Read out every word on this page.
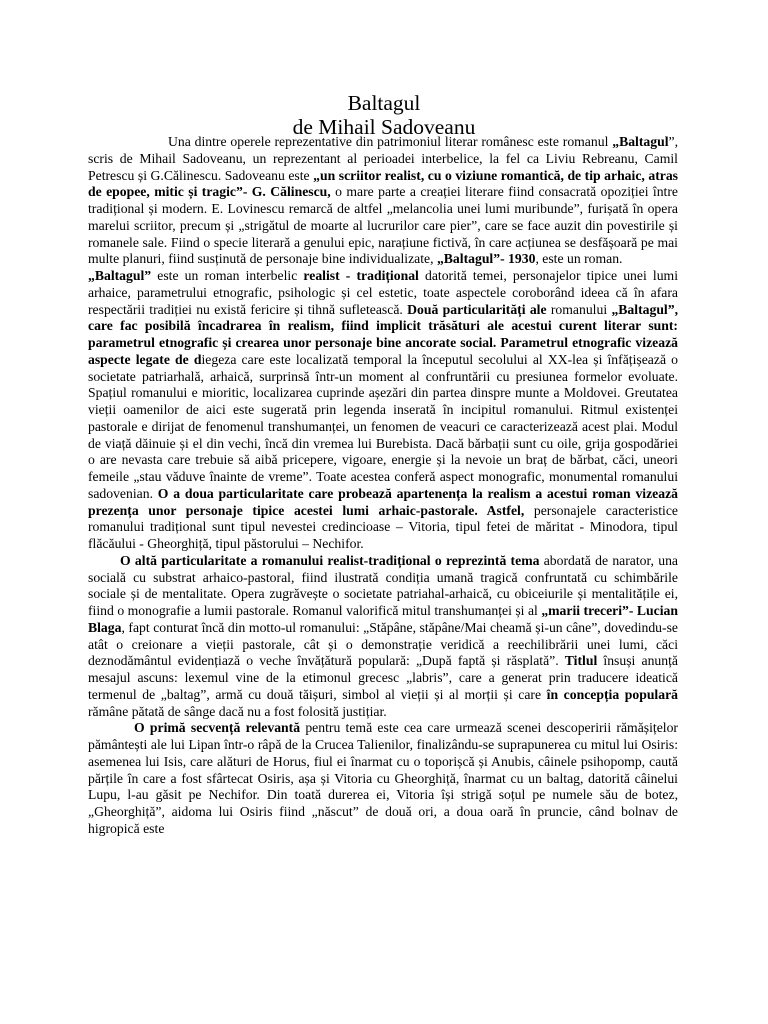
Baltagul
de Mihail Sadoveanu

Una dintre operele reprezentative din patrimoniul literar românesc este romanul „Baltagul”, scris de Mihail Sadoveanu, un reprezentant al perioadei interbelice, la fel ca Liviu Rebreanu, Camil Petrescu și G.Călinescu. Sadoveanu este „un scriitor realist, cu o viziune romantică, de tip arhaic, atras de epopee, mitic și tragic”- G. Călinescu, o mare parte a creației literare fiind consacrată opoziției între tradițional și modern. E. Lovinescu remarcă de altfel „melancolia unei lumi muribunde”, furișată în opera marelui scriitor, precum și „strigătul de moarte al lucrurilor care pier”, care se face auzit din povestirile și romanele sale. Fiind o specie literară a genului epic, narațiune fictivă, în care acțiunea se desfășoară pe mai multe planuri, fiind susținută de personaje bine individualizate, „Baltagul”- 1930, este un roman.

„Baltagul” este un roman interbelic realist - tradițional datorită temei, personajelor tipice unei lumi arhaice, parametrului etnografic, psihologic și cel estetic, toate aspectele coroborând ideea că în afara respectării tradiției nu există fericire și tihnă sufletească. Două particularități ale romanului „Baltagul”, care fac posibilă încadrarea în realism, fiind implicit trăsături ale acestui curent literar sunt: parametrul etnografic și crearea unor personaje bine ancorate social. Parametrul etnografic vizează aspecte legate de diegeza care este localizată temporal la începutul secolului al XX-lea și înfățișează o societate patriarhală, arhaică, surprinsă într-un moment al confruntării cu presiunea formelor evoluate. Spațiul romanului e mioritic, localizarea cuprinde așezări din partea dinspre munte a Moldovei. Greutatea vieții oamenilor de aici este sugerată prin legenda inserată în incipitul romanului. Ritmul existenței pastorale e dirijat de fenomenul transhumanței, un fenomen de veacuri ce caracterizează acest plai. Modul de viață dăinuie și el din vechi, încă din vremea lui Burebista. Dacă bărbații sunt cu oile, grija gospodăriei o are nevasta care trebuie să aibă pricepere, vigoare, energie și la nevoie un braț de bărbat, căci, uneori femeile „stau văduve înainte de vreme”. Toate acestea conferă aspect monografic, monumental romanului sadovenian. O a doua particularitate care probează apartenența la realism a acestui roman vizează prezența unor personaje tipice acestei lumi arhaic-pastorale. Astfel, personajele caracteristice romanului tradițional sunt tipul nevestei credincioase – Vitoria, tipul fetei de măritat - Minodora, tipul flăcăului - Gheorghiță, tipul păstorului – Nechifor.

O altă particularitate a romanului realist-tradițional o reprezintă tema abordată de narator, una socială cu substrat arhaico-pastoral, fiind ilustrată condiția umană tragică confruntată cu schimbările sociale și de mentalitate. Opera zugrăvește o societate patriahal-arhaică, cu obiceiurile și mentalitățile ei, fiind o monografie a lumii pastorale. Romanul valorifică mitul transhumanței și al „marii treceri”- Lucian Blaga, fapt conturat încă din motto-ul romanului: „Stăpâne, stăpâne/Mai cheamă și-un câne”, dovedindu-se atât o creionare a vieții pastorale, cât și o demonstrație veridică a reechilibrării unei lumi, căci deznodământul evidențiază o veche învățătură populară: „După faptă și răsplată”. Titlul însuși anunță mesajul ascuns: lexemul vine de la etimonul grecesc „labris”, care a generat prin traducere ideatică termenul de „baltag”, armă cu două tăișuri, simbol al vieții și al morții și care în concepția populară rămâne pătată de sânge dacă nu a fost folosită justițiar.

O primă secvență relevantă pentru temă este cea care urmează scenei descoperirii rămășițelor pământești ale lui Lipan într-o râpă de la Crucea Talienilor, finalizându-se suprapunerea cu mitul lui Osiris: asemenea lui Isis, care alături de Horus, fiul ei înarmat cu o toporișcă și Anubis, câinele psihopomp, caută părțile în care a fost sfârtecat Osiris, așa și Vitoria cu Gheorghiță, înarmat cu un baltag, datorită câinelui Lupu, l-au găsit pe Nechifor. Din toată durerea ei, Vitoria își strigă soțul pe numele său de botez, „Gheorghiță”, aidoma lui Osiris fiind „născut” de două ori, a doua oară în pruncie, când bolnav de higropică este
